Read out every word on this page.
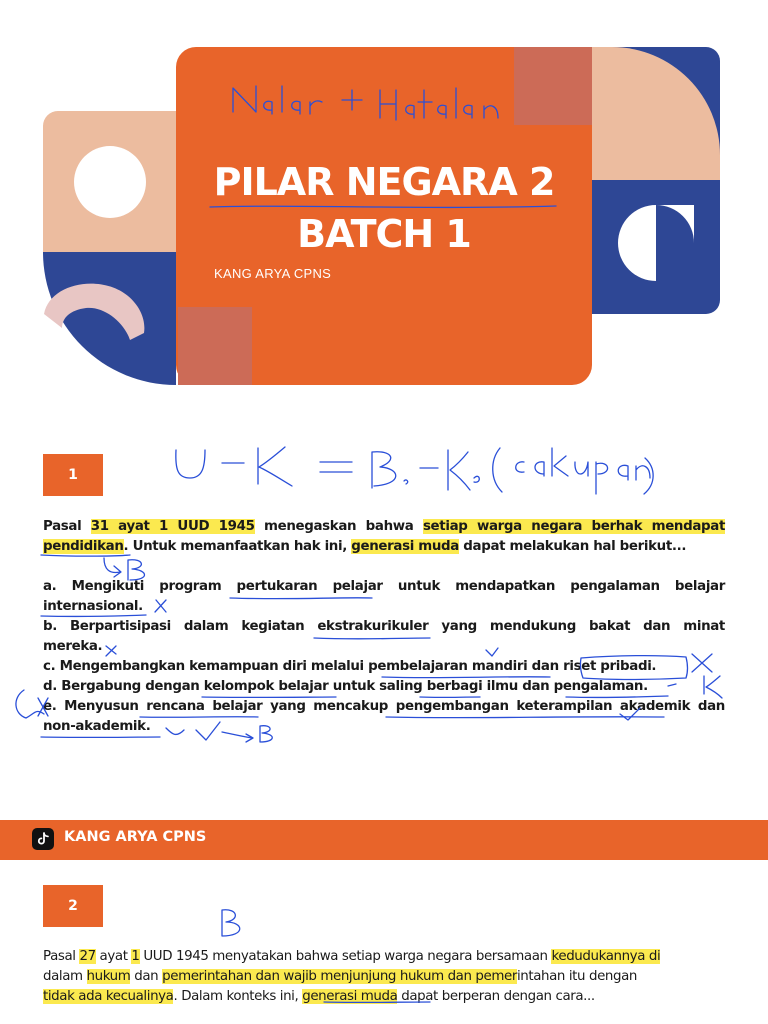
PILAR NEGARA 2
BATCH 1
KANG ARYA CPNS
1
Pasal 31 ayat 1 UUD 1945 menegaskan bahwa setiap warga negara berhak mendapat
pendidikan. Untuk memanfaatkan hak ini, generasi muda dapat melakukan hal berikut...
a. Mengikuti program pertukaran pelajar untuk mendapatkan pengalaman belajar
internasional.
b. Berpartisipasi dalam kegiatan ekstrakurikuler yang mendukung bakat dan minat
mereka.
c. Mengembangkan kemampuan diri melalui pembelajaran mandiri dan riset pribadi.
d. Bergabung dengan kelompok belajar untuk saling berbagi ilmu dan pengalaman.
e. Menyusun rencana belajar yang mencakup pengembangan keterampilan akademik dan
non-akademik.
KANG ARYA CPNS
2
Pasal 27 ayat 1 UUD 1945 menyatakan bahwa setiap warga negara bersamaan kedudukannya di
dalam hukum dan pemerintahan dan wajib menjunjung hukum dan pemerintahan itu dengan
tidak ada kecualinya. Dalam konteks ini, generasi muda dapat berperan dengan cara...
